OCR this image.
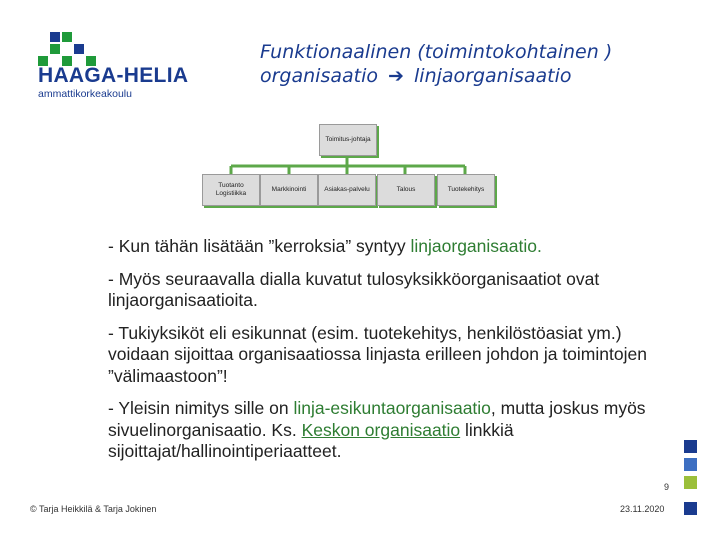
HAAGA-HELIA
ammattikorkeakoulu
Funktionaalinen (toimintokohtainen )
organisaatio ➔ linjaorganisaatio
Toimitus-johtaja
Tuotanto Logistiikka
Markkinointi	Asiakas-palvelu	Talous	Tuotekehitys

- Kun tähän lisätään ”kerroksia” syntyy linjaorganisaatio.

- Myös seuraavalla dialla kuvatut tulosyksikköorganisaatiot ovat linjaorganisaatioita.

- Tukiyksiköt eli esikunnat (esim. tuotekehitys, henkilöstöasiat ym.) voidaan sijoittaa organisaatiossa linjasta erilleen johdon ja toimintojen ”välimaastoon”!

- Yleisin nimitys sille on linja-esikuntaorganisaatio, mutta joskus myös sivuelinorganisaatio. Ks. Keskon organisaatio linkkiä sijoittajat/hallinointiperiaatteet.

9
© Tarja Heikkilä & Tarja Jokinen	23.11.2020
